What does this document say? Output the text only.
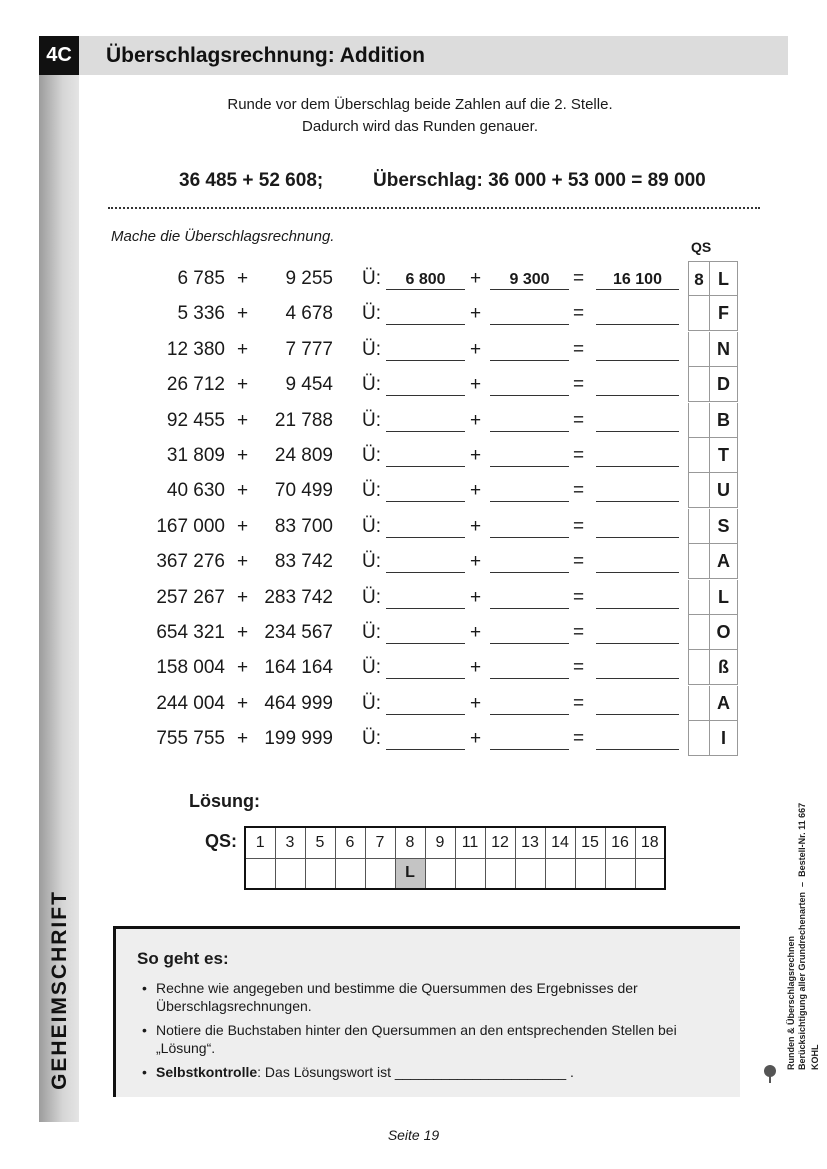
GEHEIMSCHRIFT
4C	Überschlagsrechnung: Addition
Runde vor dem Überschlag beide Zahlen auf die 2. Stelle.
Dadurch wird das Runden genauer.
36 485 + 52 608;	Überschlag: 36 000 + 53 000 = 89 000
Mache die Überschlagsrechnung.
QS
6 785 + 9 255 Ü:	6 800	+	9 300	=	16 100	8 L
5 336 + 4 678 Ü:	+	=	F
12 380 + 7 777 Ü:	+	=	N
26 712 + 9 454 Ü:	+	=	D
92 455 + 21 788 Ü:	+	=	B
31 809 + 24 809 Ü:	+	=	T
40 630 + 70 499 Ü:	+	=	U
167 000 + 83 700 Ü:	+	=	S
367 276 + 83 742 Ü:	+	=	A
257 267 + 283 742 Ü:	+	=	L
654 321 + 234 567 Ü:	+	=	O
158 004 + 164 164 Ü:	+	=	ß
244 004 + 464 999 Ü:	+	=	A
755 755 + 199 999 Ü:	+	=	I
Lösung:
QS: 1	3	5	6	7	8	9	11	12	13	14	15	16	18
					L								
So geht es:
• Rechne wie angegeben und bestimme die Quersummen des Ergebnisses der Überschlagsrechnungen.
• Notiere die Buchstaben hinter den Quersummen an den entsprechenden Stellen bei „Lösung“.
• Selbstkontrolle: Das Lösungswort ist ______________________ .
Runden & Überschlagsrechnen Berücksichtigung aller Grundrechenarten  –  Bestell-Nr. 11 667
KOHL
Seite 19
